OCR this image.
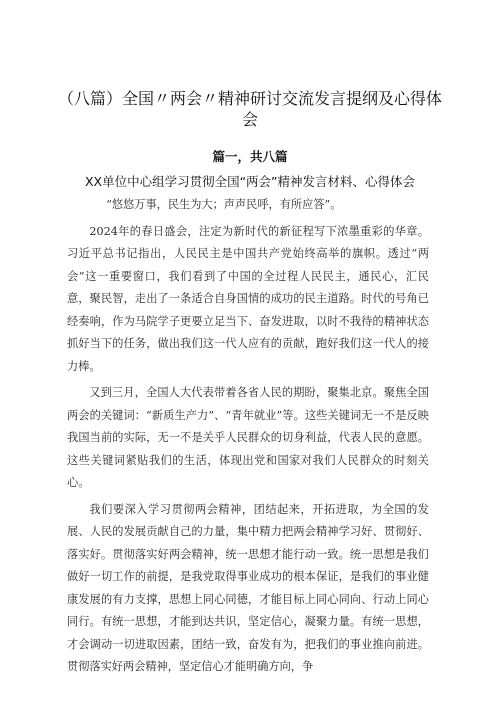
（八篇）全国〃两会〃精神研讨交流发言提纲及心得体会
篇一，共八篇
XX单位中心组学习贯彻全国“两会”精神发言材料、心得体会

“悠悠万事，民生为大；声声民呼，有所应答”。

2024年的春日盛会，注定为新时代的新征程写下浓墨重彩的华章。习近平总书记指出，人民民主是中国共产党始终高举的旗帜。透过“两会”这一重要窗口，我们看到了中国的全过程人民民主，通民心，汇民意，聚民智，走出了一条适合自身国情的成功的民主道路。时代的号角已经奏响，作为马院学子更要立足当下、奋发进取，以时不我待的精神状态抓好当下的任务，做出我们这一代人应有的贡献，跑好我们这一代人的接力棒。

又到三月，全国人大代表带着各省人民的期盼，聚集北京。聚焦全国两会的关键词：“新质生产力”、“青年就业”等。这些关键词无一不是反映我国当前的实际，无一不是关乎人民群众的切身利益，代表人民的意愿。这些关键词紧贴我们的生活，体现出党和国家对我们人民群众的时刻关心。

我们要深入学习贯彻两会精神，团结起来，开拓进取，为全国的发展、人民的发展贡献自己的力量，集中精力把两会精神学习好、贯彻好、落实好。贯彻落实好两会精神，统一思想才能行动一致。统一思想是我们做好一切工作的前提，是我党取得事业成功的根本保证，是我们的事业健康发展的有力支撑，思想上同心同德，才能目标上同心同向、行动上同心同行。有统一思想，才能到达共识，坚定信心，凝聚力量。有统一思想，才会调动一切进取因素，团结一致，奋发有为，把我们的事业推向前进。贯彻落实好两会精神，坚定信心才能明确方向，争
